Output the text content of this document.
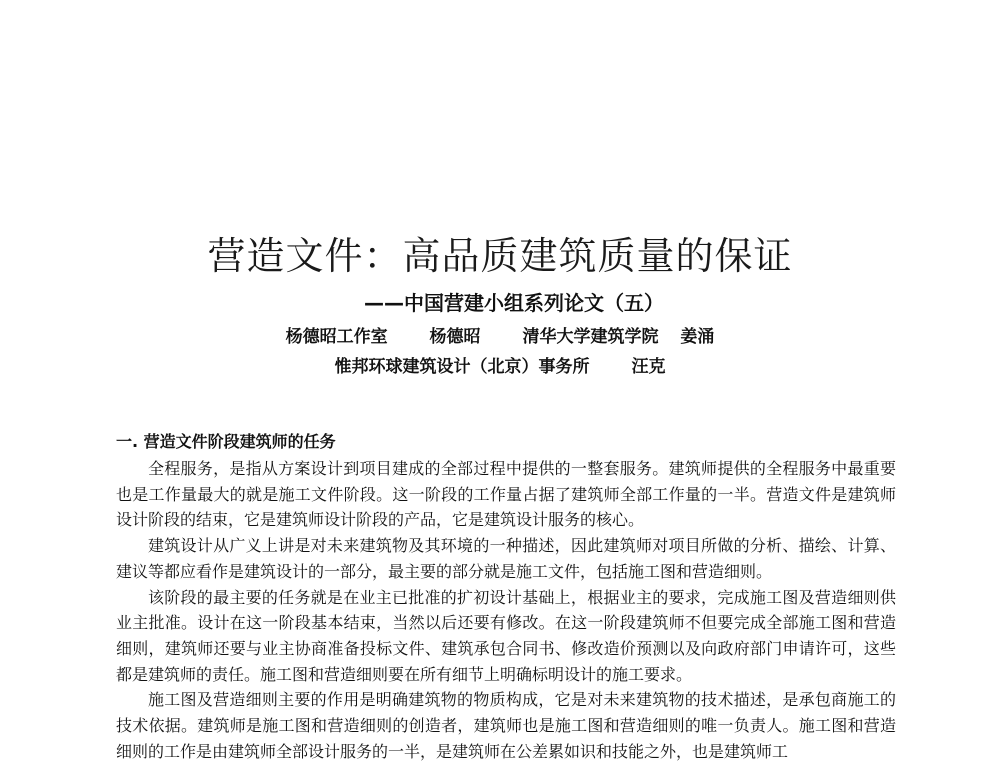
营造文件：高品质建筑质量的保证
——中国营建小组系列论文（五）
杨德昭工作室 杨德昭 清华大学建筑学院 姜涌
惟邦环球建筑设计（北京）事务所 汪克
一. 营造文件阶段建筑师的任务

全程服务，是指从方案设计到项目建成的全部过程中提供的一整套服务。建筑师提供的全程服务中最重要也是工作量最大的就是施工文件阶段。这一阶段的工作量占据了建筑师全部工作量的一半。营造文件是建筑师设计阶段的结束，它是建筑师设计阶段的产品，它是建筑设计服务的核心。

建筑设计从广义上讲是对未来建筑物及其环境的一种描述，因此建筑师对项目所做的分析、描绘、计算、建议等都应看作是建筑设计的一部分，最主要的部分就是施工文件，包括施工图和营造细则。

该阶段的最主要的任务就是在业主已批准的扩初设计基础上，根据业主的要求，完成施工图及营造细则供业主批准。设计在这一阶段基本结束，当然以后还要有修改。在这一阶段建筑师不但要完成全部施工图和营造细则，建筑师还要与业主协商准备投标文件、建筑承包合同书、修改造价预测以及向政府部门申请许可，这些都是建筑师的责任。施工图和营造细则要在所有细节上明确标明设计的施工要求。

施工图及营造细则主要的作用是明确建筑物的物质构成，它是对未来建筑物的技术描述，是承包商施工的技术依据。建筑师是施工图和营造细则的创造者，建筑师也是施工图和营造细则的唯一负责人。施工图和营造细则的工作是由建筑师全部设计服务的一半，是建筑师在公差累如识和技能之外，也是建筑师工
